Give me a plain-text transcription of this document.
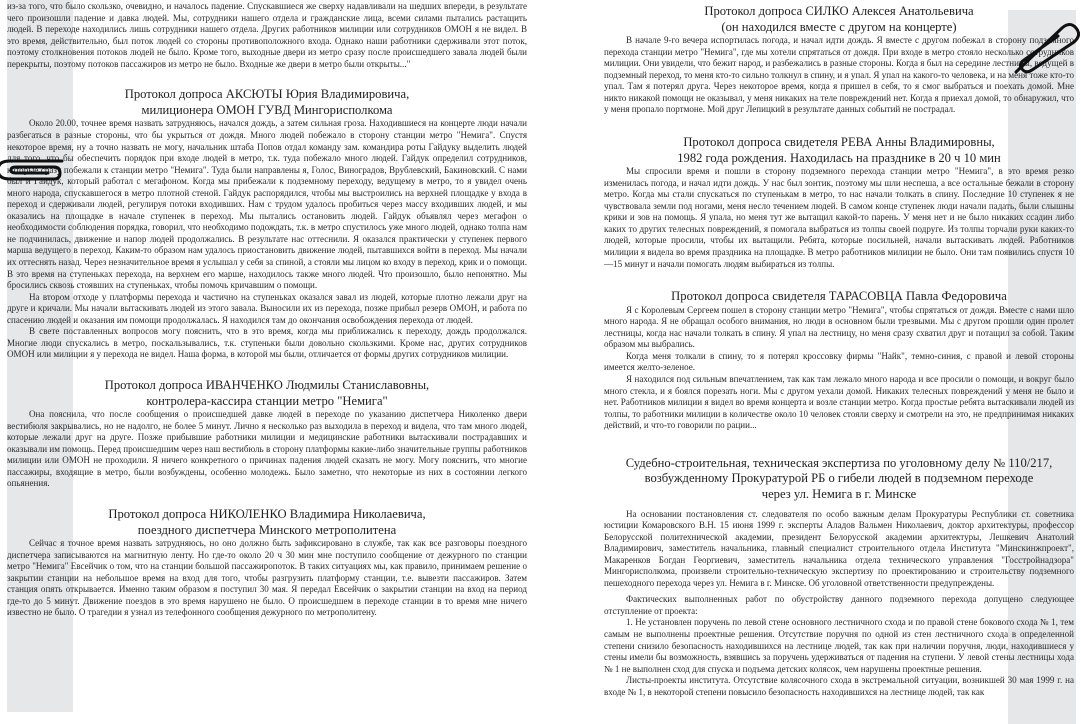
из-за того, что было скользко, очевидно, и началось падение. Спускавшиеся же сверху надавливали на шедших впереди, в результате чего произошли падение и давка людей. Мы, сотрудники нашего отдела и гражданские лица, всеми силами пытались растащить людей. В переходе находились лишь сотрудники нашего отдела. Других работников милиции или сотрудников ОМОН я не видел. В это время, действительно, был поток людей со стороны противоположного входа. Однако наши работники сдерживали этот поток, поэтому столкновения потоков людей не было. Кроме того, выходные двери из метро сразу после происшедшего завала людей были перекрыты, поэтому потоков пассажиров из метро не было. Входные же двери в метро были открыты..."

Протокол допроса АКСЮТЫ Юрия Владимировича,
милиционера ОМОН ГУВД Мингорисполкома

Около 20.00, точнее время назвать затрудняюсь, начался дождь, а затем сильная гроза. Находившиеся на концерте люди начали разбегаться в разные стороны, что бы укрыться от дождя. Много людей побежало в сторону станции метро "Немига". Спустя некоторое время, ну а точно назвать не могу, начальник штаба Попов отдал команду зам. командира роты Гайдуку выделить людей для того, что бы обеспечить порядок при входе людей в метро, т.к. туда побежало много людей. Гайдук определил сотрудников, которые сразу побежали к станции метро "Немига". Туда были направлены я, Голос, Виноградов, Врублевский, Бакиновский. С нами был и Гайдук, который работал с мегафоном. Когда мы прибежали к подземному переходу, ведущему в метро, то я увидел очень много народа, спускавшегося в метро плотной стеной. Гайдук распорядился, чтобы мы выстроились на верхней площадке у входа в переход и сдерживали людей, регулируя потоки входивших. Нам с трудом удалось пробиться через массу входивших людей, и мы оказались на площадке в начале ступенек в переход. Мы пытались остановить людей. Гайдук объявлял через мегафон о необходимости соблюдения порядка, говорил, что необходимо подождать, т.к. в метро спустилось уже много людей, однако толпа нам не подчинилась, движение и напор людей продолжались. В результате нас оттеснили. Я оказался практически у ступенек первого марша ведущего в переход. Каким-то образом нам удалось приостановить движение людей, пытавшихся войти в переход. Мы начали их оттеснять назад. Через незначительное время я услышал у себя за спиной, а стояли мы лицом ко входу в переход, крик и о помощи. В это время на ступеньках перехода, на верхнем его марше, находилось также много людей. Что произошло, было непонятно. Мы бросились сквозь стоявших на ступеньках, чтобы помочь кричавшим о помощи.

На втором отходе у платформы перехода и частично на ступеньках оказался завал из людей, которые плотно лежали друг на друге и кричали. Мы начали вытаскивать людей из этого завала. Выносили их из перехода, позже прибыл резерв ОМОН, и работа по спасению людей и оказания им помощи продолжалась. Я находился там до окончания освобождения перехода от людей.

В свете поставленных вопросов могу пояснить, что в это время, когда мы приближались к переходу, дождь продолжался. Многие люди спускались в метро, поскальзывались, т.к. ступеньки были довольно скользкими. Кроме нас, других сотрудников ОМОН или милиции я у перехода не видел. Наша форма, в которой мы были, отличается от формы других сотрудников милиции.

Протокол допроса ИВАНЧЕНКО Людмилы Станиславовны,
контролера-кассира станции метро "Немига"

Она пояснила, что после сообщения о происшедшей давке людей в переходе по указанию диспетчера Николенко двери вестибюля закрывались, но не надолго, не более 5 минут. Лично я несколько раз выходила в переход и видела, что там много людей, которые лежали друг на друге. Позже прибывшие работники милиции и медицинские работники вытаскивали пострадавших и оказывали им помощь. Перед происшедшим через наш вестибюль в сторону платформы какие-либо значительные группы работников милиции или ОМОН не проходили. Я ничего конкретного о причинах падения людей сказать не могу. Могу пояснить, что многие пассажиры, входящие в метро, были возбуждены, особенно молодежь. Было заметно, что некоторые из них в состоянии легкого опьянения.

Протокол допроса НИКОЛЕНКО Владимира Николаевича,
поездного диспетчера Минского метрополитена

Сейчас я точное время назвать затрудняюсь, но оно должно быть зафиксировано в службе, так как все разговоры поездного диспетчера записываются на магнитную ленту. Но где-то около 20 ч 30 мин мне поступило сообщение от дежурного по станции метро "Немига" Евсейчик о том, что на станции большой пассажиропоток. В таких ситуациях мы, как правило, принимаем решение о закрытии станции на небольшое время на вход для того, чтобы разгрузить платформу станции, т.е. вывезти пассажиров. Затем станция опять открывается. Именно таким образом я поступил 30 мая. Я передал Евсейчик о закрытии станции на вход на период где-то до 5 минут. Движение поездов в это время нарушено не было. О происшедшем в переходе станции в то время мне ничего известно не было. О трагедии я узнал из телефонного сообщения дежурного по метрополитену.

Протокол допроса СИЛКО Алексея Анатольевича
(он находился вместе с другом на концерте)

В начале 9-го вечера испортилась погода, и начал идти дождь. Я вместе с другом побежал в сторону подземного перехода станции метро "Немига", где мы хотели спрятаться от дождя. При входе в метро стояло несколько сотрудников милиции. Они увидели, что бежит народ, и разбежались в разные стороны. Когда я был на середине лестницы, ведущей в подземный переход, то меня кто-то сильно толкнул в спину, и я упал. Я упал на какого-то человека, и на меня тоже кто-то упал. Там я потерял друга. Через некоторое время, когда я пришел в себя, то я смог выбраться и поехать домой. Мне никто никакой помощи не оказывал, у меня никаких на теле повреждений нет. Когда я приехал домой, то обнаружил, что у меня пропало портмоне. Мой друг Лепицкий в результате данных событий не пострадал.

Протокол допроса свидетеля РЕВА Анны Владимировны,
1982 года рождения. Находилась на празднике в 20 ч 10 мин

Мы спросили время и пошли в сторону подземного перехода станции метро "Немига", в это время резко изменилась погода, и начал идти дождь. У нас был зонтик, поэтому мы шли неспеша, а все остальные бежали в сторону метро. Когда мы стали спускаться по ступенькам в метро, то нас начали толкать в спину. Последние 10 ступенек я не чувствовала земли под ногами, меня несло течением людей. В самом конце ступенек люди начали падать, были слышны крики и зов на помощь. Я упала, но меня тут же вытащил какой-то парень. У меня нет и не было никаких ссадин либо каких то других телесных повреждений, я помогала выбраться из толпы своей подруге. Из толпы торчали руки каких-то людей, которые просили, чтобы их вытащили. Ребята, которые посильней, начали вытаскивать людей. Работников милиции я видела во время праздника на площадке. В метро работников милиции не было. Они там появились спустя 10—15 минут и начали помогать людям выбираться из толпы.

Протокол допроса свидетеля ТАРАСОВЦА Павла Федоровича

Я с Королевым Сергеем пошел в сторону станции метро "Немига", чтобы спрятаться от дождя. Вместе с нами шло много народа. Я не обращал особого внимания, но люди в основном были трезвыми. Мы с другом прошли один пролет лестницы, когда нас начали толкать в спину. Я упал на лестницу, но меня сразу схватил друг и потащил за собой. Таким образом мы выбрались.

Когда меня толкали в спину, то я потерял кроссовку фирмы "Найк", темно-синия, с правой и левой стороны имеется желто-зеленое.

Я находился под сильным впечатлением, так как там лежало много народа и все просили о помощи, и вокруг было много стекла, и я боялся порезать ноги. Мы с другом уехали домой. Никаких телесных повреждений у меня не было и нет. Работников милиции я видел во время концерта и возле станции метро. Когда простые ребята вытаскивали людей из толпы, то работники милиции в количестве около 10 человек стояли сверху и смотрели на это, не предпринимая никаких действий, и что-то говорили по рации...

Судебно-строительная, техническая экспертиза по уголовному делу № 110/217,
возбужденному Прокуратурой РБ о гибели людей в подземном переходе
через ул. Немига в г. Минске

На основании постановления ст. следователя по особо важным делам Прокуратуры Республики ст. советника юстиции Комаровского В.Н. 15 июня 1999 г. эксперты Аладов Вальмен Николаевич, доктор архитектуры, профессор Белорусской политехнической академии, президент Белорусской академии архитектуры, Лешкевич Анатолий Владимирович, заместитель начальника, главный специалист строительного отдела Института "Минскинжпроект", Макаренков Богдан Георгиевич, заместитель начальника отдела технического управления "Госстройнадзора" Мингорисполкома, произвели строительно-техническую экспертизу по проектированию и строительству подземного пешеходного перехода через ул. Немига в г. Минске. Об уголовной ответственности предупреждены.

Фактических выполненных работ по обустройству данного подземного перехода допущено следующее отступление от проекта:

1. Не установлен поручень по левой стене основного лестничного схода и по правой стене бокового схода № 1, тем самым не выполнены проектные решения. Отсутствие поручня по одной из стен лестничного схода в определенной степени снизило безопасность находившихся на лестнице людей, так как при наличии поручня, люди, находившиеся у стены имели бы возможность, взявшись за поручень удерживаться от падения на ступени. У левой стены лестницы хода № 1 не выполнен сход для спуска и подъема детских колясок, чем нарушены проектные решения.

Листы-проекты института. Отсутствие колясочного схода в экстремальной ситуации, возникшей 30 мая 1999 г. на входе № 1, в некоторой степени повысило безопасность находившихся на лестнице людей, так как
